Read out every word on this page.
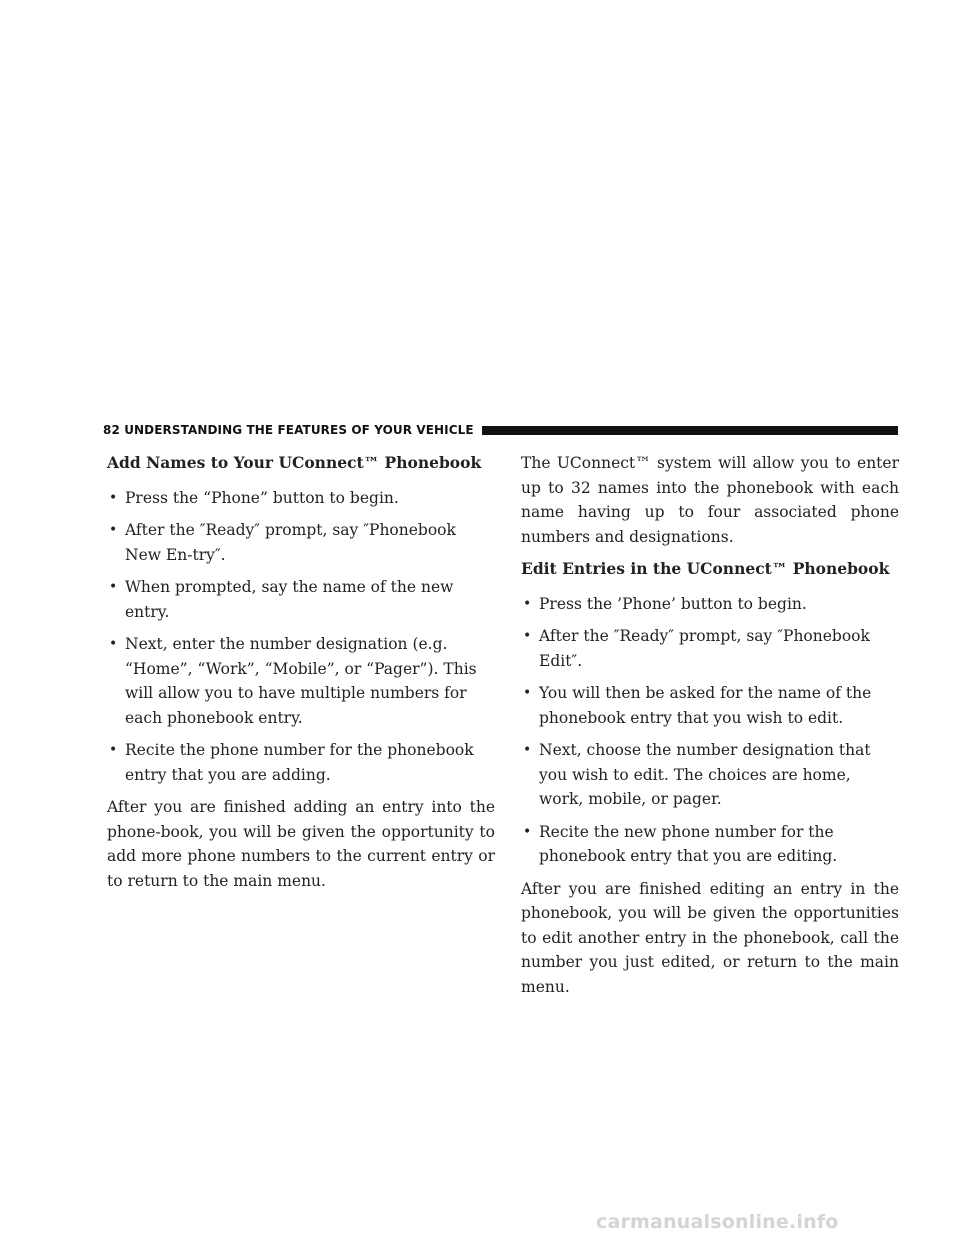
82 UNDERSTANDING THE FEATURES OF YOUR VEHICLE
Add Names to Your UConnect™ Phonebook
• Press the “Phone” button to begin.
• After the ″Ready″ prompt, say ″Phonebook New En-try″.
• When prompted, say the name of the new entry.
• Next, enter the number designation (e.g. “Home”, “Work”, “Mobile”, or “Pager”). This will allow you to have multiple numbers for each phonebook entry.
• Recite the phone number for the phonebook entry that you are adding.

After you are finished adding an entry into the phone-book, you will be given the opportunity to add more phone numbers to the current entry or to return to the main menu.

The UConnect™ system will allow you to enter up to 32 names into the phonebook with each name having up to four associated phone numbers and designations.

Edit Entries in the UConnect™ Phonebook
• Press the ’Phone’ button to begin.
• After the ″Ready″ prompt, say ″Phonebook Edit″.
• You will then be asked for the name of the phonebook entry that you wish to edit.
• Next, choose the number designation that you wish to edit. The choices are home, work, mobile, or pager.
• Recite the new phone number for the phonebook entry that you are editing.

After you are finished editing an entry in the phonebook, you will be given the opportunities to edit another entry in the phonebook, call the number you just edited, or return to the main menu.

carmanualsonline.info
